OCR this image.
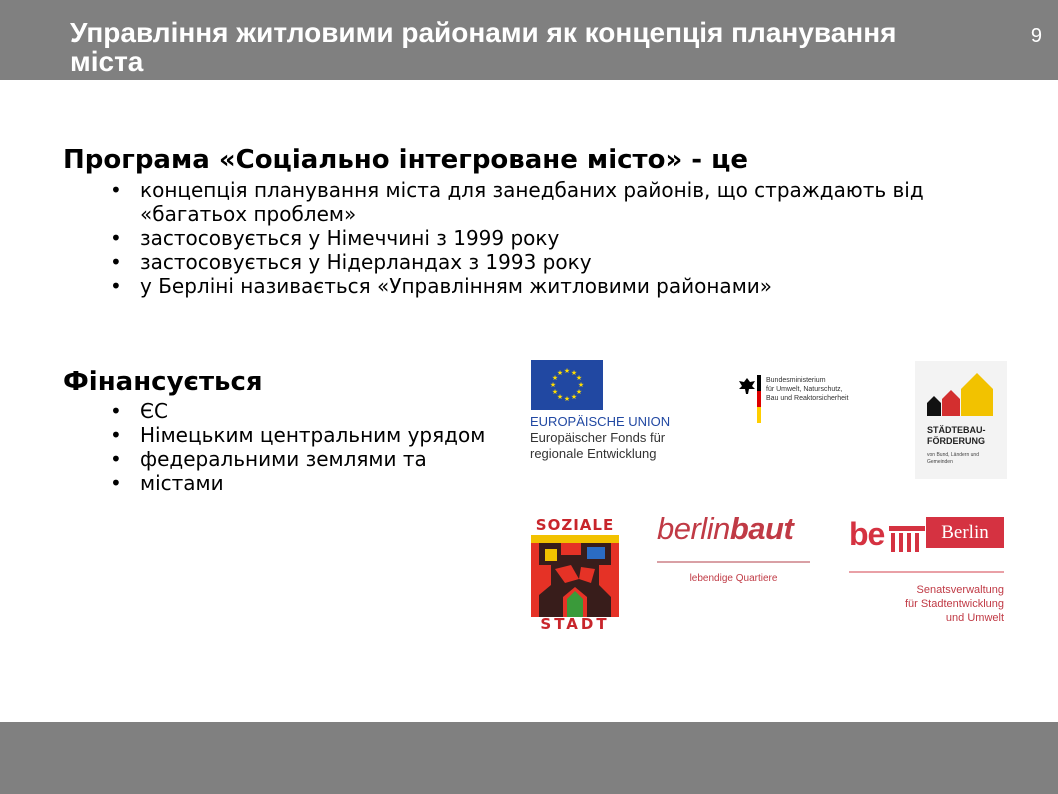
Управління житловими районами як концепція планування міста
9
Програма «Соціально інтегроване місто» - це
• концепція планування міста для занедбаних районів, що страждають від «багатьох проблем»
• застосовується у Німеччині з 1999 року
• застосовується у Нідерландах з 1993 року
• у Берліні називається «Управлінням житловими районами»
Фінансується
• ЄС
• Німецьким центральним урядом
• федеральними землями та
• містами
★ ★
★
★
★
★
★
★
★
★
★
★
EUROPÄISCHE UNION
Europäischer Fonds für
regionale Entwicklung
Bundesministerium
für Umwelt, Naturschutz,
Bau und Reaktorsicherheit
STÄDTEBAU-
FÖRDERUNG
von Bund, Ländern und Gemeinden
SOZIALE
STADT
berlinbaut
lebendige Quartiere
be	Berlin
Senatsverwaltung
für Stadtentwicklung
und Umwelt
